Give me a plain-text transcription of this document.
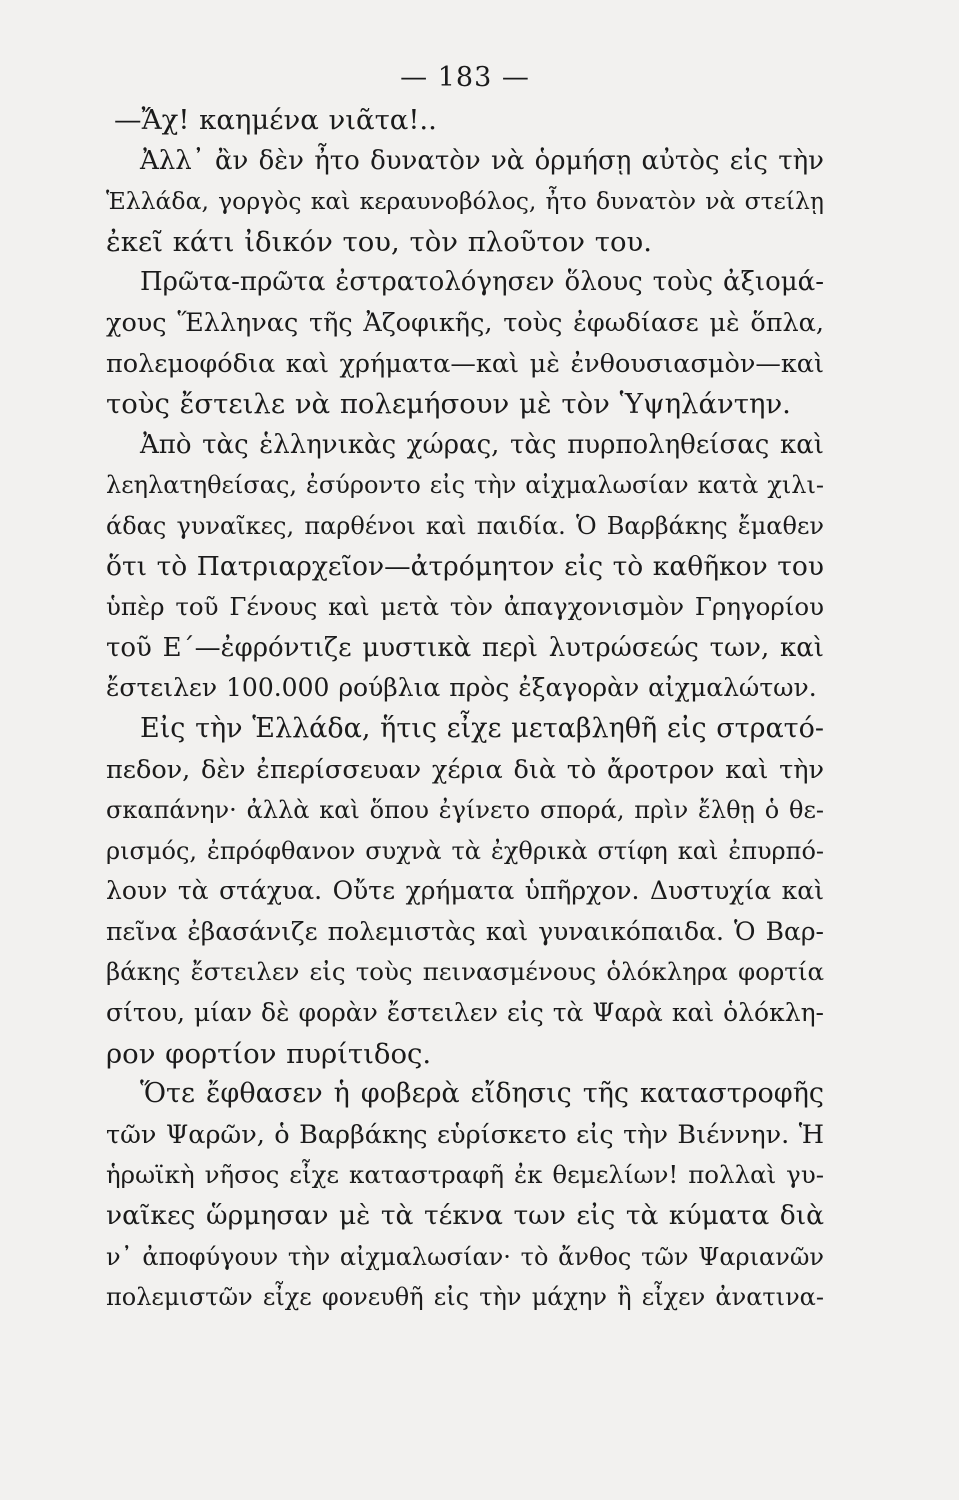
— 183 —
—Ἄχ! καημένα νιᾶτα!..
Ἀλλ᾽ ἂν δὲν ἦτο δυνατὸν νὰ ὁρμήσῃ αὐτὸς εἰς τὴν
Ἑλλάδα, γοργὸς καὶ κεραυνοβόλος, ἦτο δυνατὸν νὰ στείλῃ
ἐκεῖ κάτι ἰδικόν του, τὸν πλοῦτον του.
Πρῶτα-πρῶτα ἐστρατολόγησεν ὅλους τοὺς ἀξιομά-
χους Ἕλληνας τῆς Ἀζοφικῆς, τοὺς ἐφωδίασε μὲ ὅπλα,
πολεμοφόδια καὶ χρήματα—καὶ μὲ ἐνθουσιασμὸν—καὶ
τοὺς ἔστειλε νὰ πολεμήσουν μὲ τὸν Ὑψηλάντην.
Ἀπὸ τὰς ἑλληνικὰς χώρας, τὰς πυρποληθείσας καὶ
λεηλατηθείσας, ἐσύροντο εἰς τὴν αἰχμαλωσίαν κατὰ χιλι-
άδας γυναῖκες, παρθένοι καὶ παιδία. Ὁ Βαρβάκης ἔμαθεν
ὅτι τὸ Πατριαρχεῖον—ἀτρόμητον εἰς τὸ καθῆκον του
ὑπὲρ τοῦ Γένους καὶ μετὰ τὸν ἀπαγχονισμὸν Γρηγορίου
τοῦ Ε΄—ἐφρόντιζε μυστικὰ περὶ λυτρώσεώς των, καὶ
ἔστειλεν 100.000 ρούβλια πρὸς ἐξαγορὰν αἰχμαλώτων.
Εἰς τὴν Ἑλλάδα, ἥτις εἶχε μεταβληθῆ εἰς στρατό-
πεδον, δὲν ἐπερίσσευαν χέρια διὰ τὸ ἄροτρον καὶ τὴν
σκαπάνην· ἀλλὰ καὶ ὅπου ἐγίνετο σπορά, πρὶν ἔλθῃ ὁ θε-
ρισμός, ἐπρόφθανον συχνὰ τὰ ἐχθρικὰ στίφη καὶ ἐπυρπό-
λουν τὰ στάχυα. Οὔτε χρήματα ὑπῆρχον. Δυστυχία καὶ
πεῖνα ἐβασάνιζε πολεμιστὰς καὶ γυναικόπαιδα. Ὁ Βαρ-
βάκης ἔστειλεν εἰς τοὺς πεινασμένους ὁλόκληρα φορτία
σίτου, μίαν δὲ φορὰν ἔστειλεν εἰς τὰ Ψαρὰ καὶ ὁλόκλη-
ρον φορτίον πυρίτιδος.
Ὅτε ἔφθασεν ἡ φοβερὰ εἴδησις τῆς καταστροφῆς
τῶν Ψαρῶν, ὁ Βαρβάκης εὑρίσκετο εἰς τὴν Βιέννην. Ἡ
ἡρωϊκὴ νῆσος εἶχε καταστραφῆ ἐκ θεμελίων! πολλαὶ γυ-
ναῖκες ὥρμησαν μὲ τὰ τέκνα των εἰς τὰ κύματα διὰ
ν᾽ ἀποφύγουν τὴν αἰχμαλωσίαν· τὸ ἄνθος τῶν Ψαριανῶν
πολεμιστῶν εἶχε φονευθῆ εἰς τὴν μάχην ἢ εἶχεν ἀνατινα-
